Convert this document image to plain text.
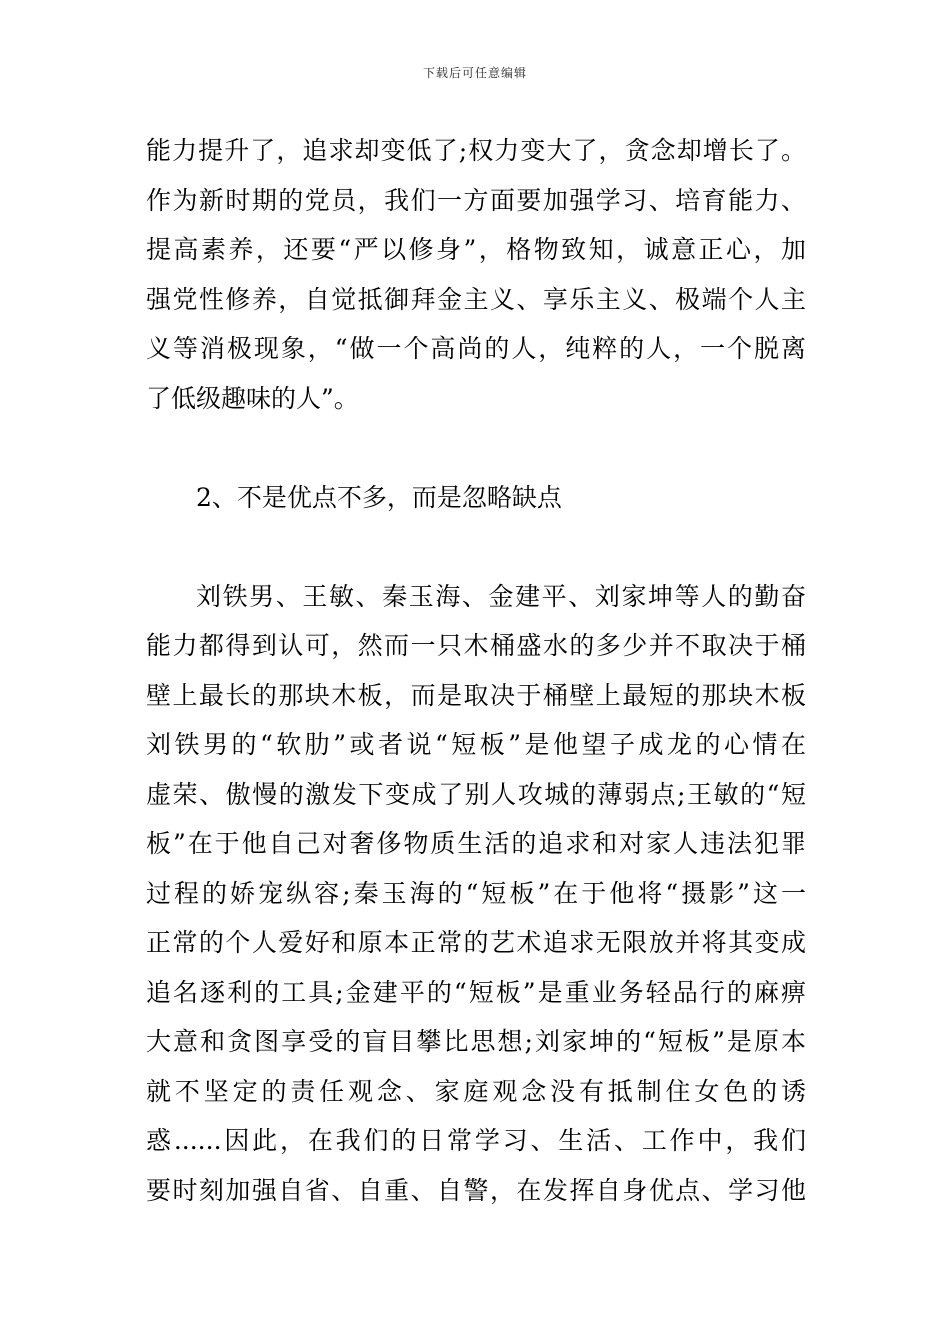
下载后可任意编辑
能力提升了，追求却变低了;权力变大了，贪念却增长了。
作为新时期的党员，我们一方面要加强学习、培育能力、
提高素养，还要“严以修身”，格物致知，诚意正心，加
强党性修养，自觉抵御拜金主义、享乐主义、极端个人主
义等消极现象，“做一个高尚的人，纯粹的人，一个脱离
了低级趣味的人”。
2、不是优点不多，而是忽略缺点
刘铁男、王敏、秦玉海、金建平、刘家坤等人的勤奋
能力都得到认可，然而一只木桶盛水的多少并不取决于桶
壁上最长的那块木板，而是取决于桶壁上最短的那块木板
刘铁男的“软肋”或者说“短板”是他望子成龙的心情在
虚荣、傲慢的激发下变成了别人攻城的薄弱点;王敏的“短
板”在于他自己对奢侈物质生活的追求和对家人违法犯罪
过程的娇宠纵容;秦玉海的“短板”在于他将“摄影”这一
正常的个人爱好和原本正常的艺术追求无限放并将其变成
追名逐利的工具;金建平的“短板”是重业务轻品行的麻痹
大意和贪图享受的盲目攀比思想;刘家坤的“短板”是原本
就不坚定的责任观念、家庭观念没有抵制住女色的诱
惑......因此，在我们的日常学习、生活、工作中，我们
要时刻加强自省、自重、自警，在发挥自身优点、学习他
